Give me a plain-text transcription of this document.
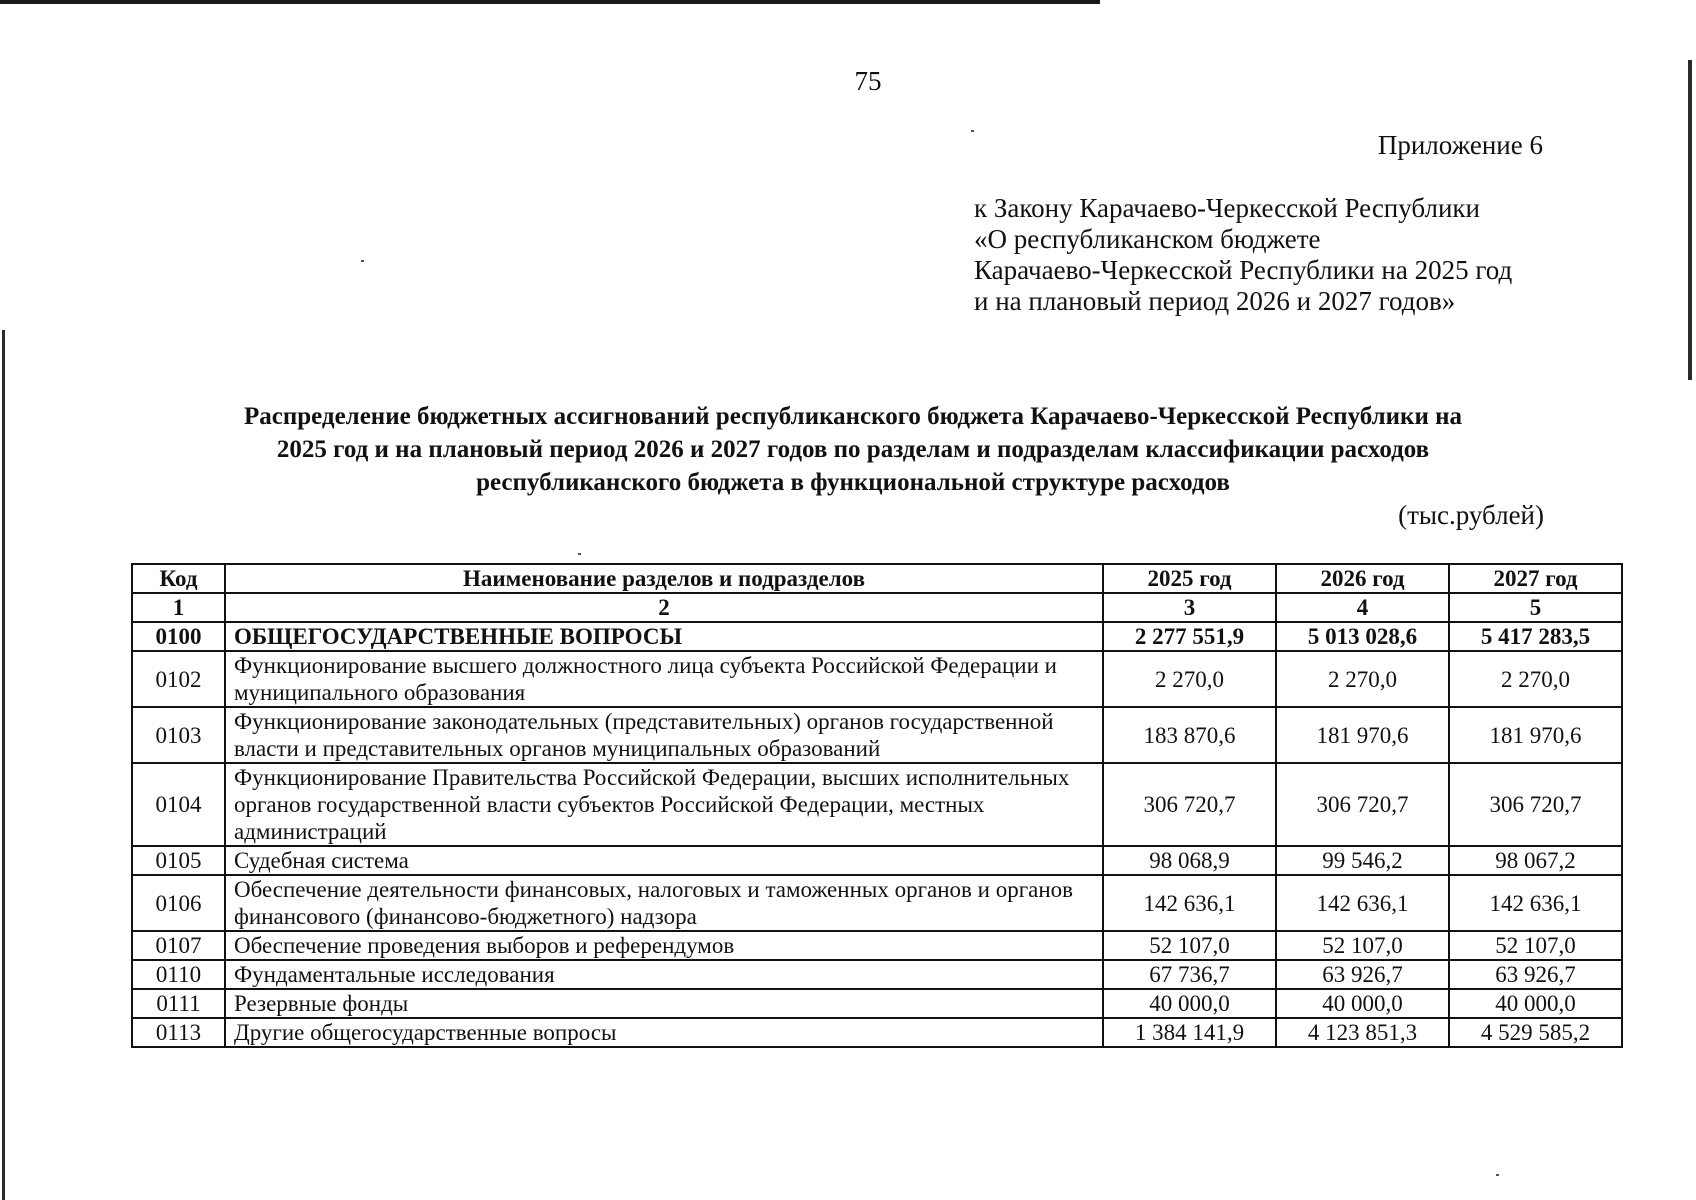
75
Приложение 6
к Закону Карачаево-Черкесской Республики
«О республиканском бюджете
Карачаево-Черкесской Республики на 2025 год
и на плановый период 2026 и 2027 годов»
Распределение бюджетных ассигнований республиканского бюджета Карачаево-Черкесской Республики на
2025 год и на плановый период 2026 и 2027 годов по разделам и подразделам классификации расходов
республиканского бюджета в функциональной структуре расходов
(тыс.рублей)
Код	Наименование разделов и подразделов	2025 год	2026 год	2027 год
1	2	3	4	5
0100	ОБЩЕГОСУДАРСТВЕННЫЕ ВОПРОСЫ	2 277 551,9	5 013 028,6	5 417 283,5
0102	Функционирование высшего должностного лица субъекта Российской Федерации и муниципального образования	2 270,0	2 270,0	2 270,0
0103	Функционирование законодательных (представительных) органов государственной власти и представительных органов муниципальных образований	183 870,6	181 970,6	181 970,6
0104	Функционирование Правительства Российской Федерации, высших исполнительных органов государственной власти субъектов Российской Федерации, местных администраций	306 720,7	306 720,7	306 720,7
0105	Судебная система	98 068,9	99 546,2	98 067,2
0106	Обеспечение деятельности финансовых, налоговых и таможенных органов и органов финансового (финансово-бюджетного) надзора	142 636,1	142 636,1	142 636,1
0107	Обеспечение проведения выборов и референдумов	52 107,0	52 107,0	52 107,0
0110	Фундаментальные исследования	67 736,7	63 926,7	63 926,7
0111	Резервные фонды	40 000,0	40 000,0	40 000,0
0113	Другие общегосударственные вопросы	1 384 141,9	4 123 851,3	4 529 585,2
